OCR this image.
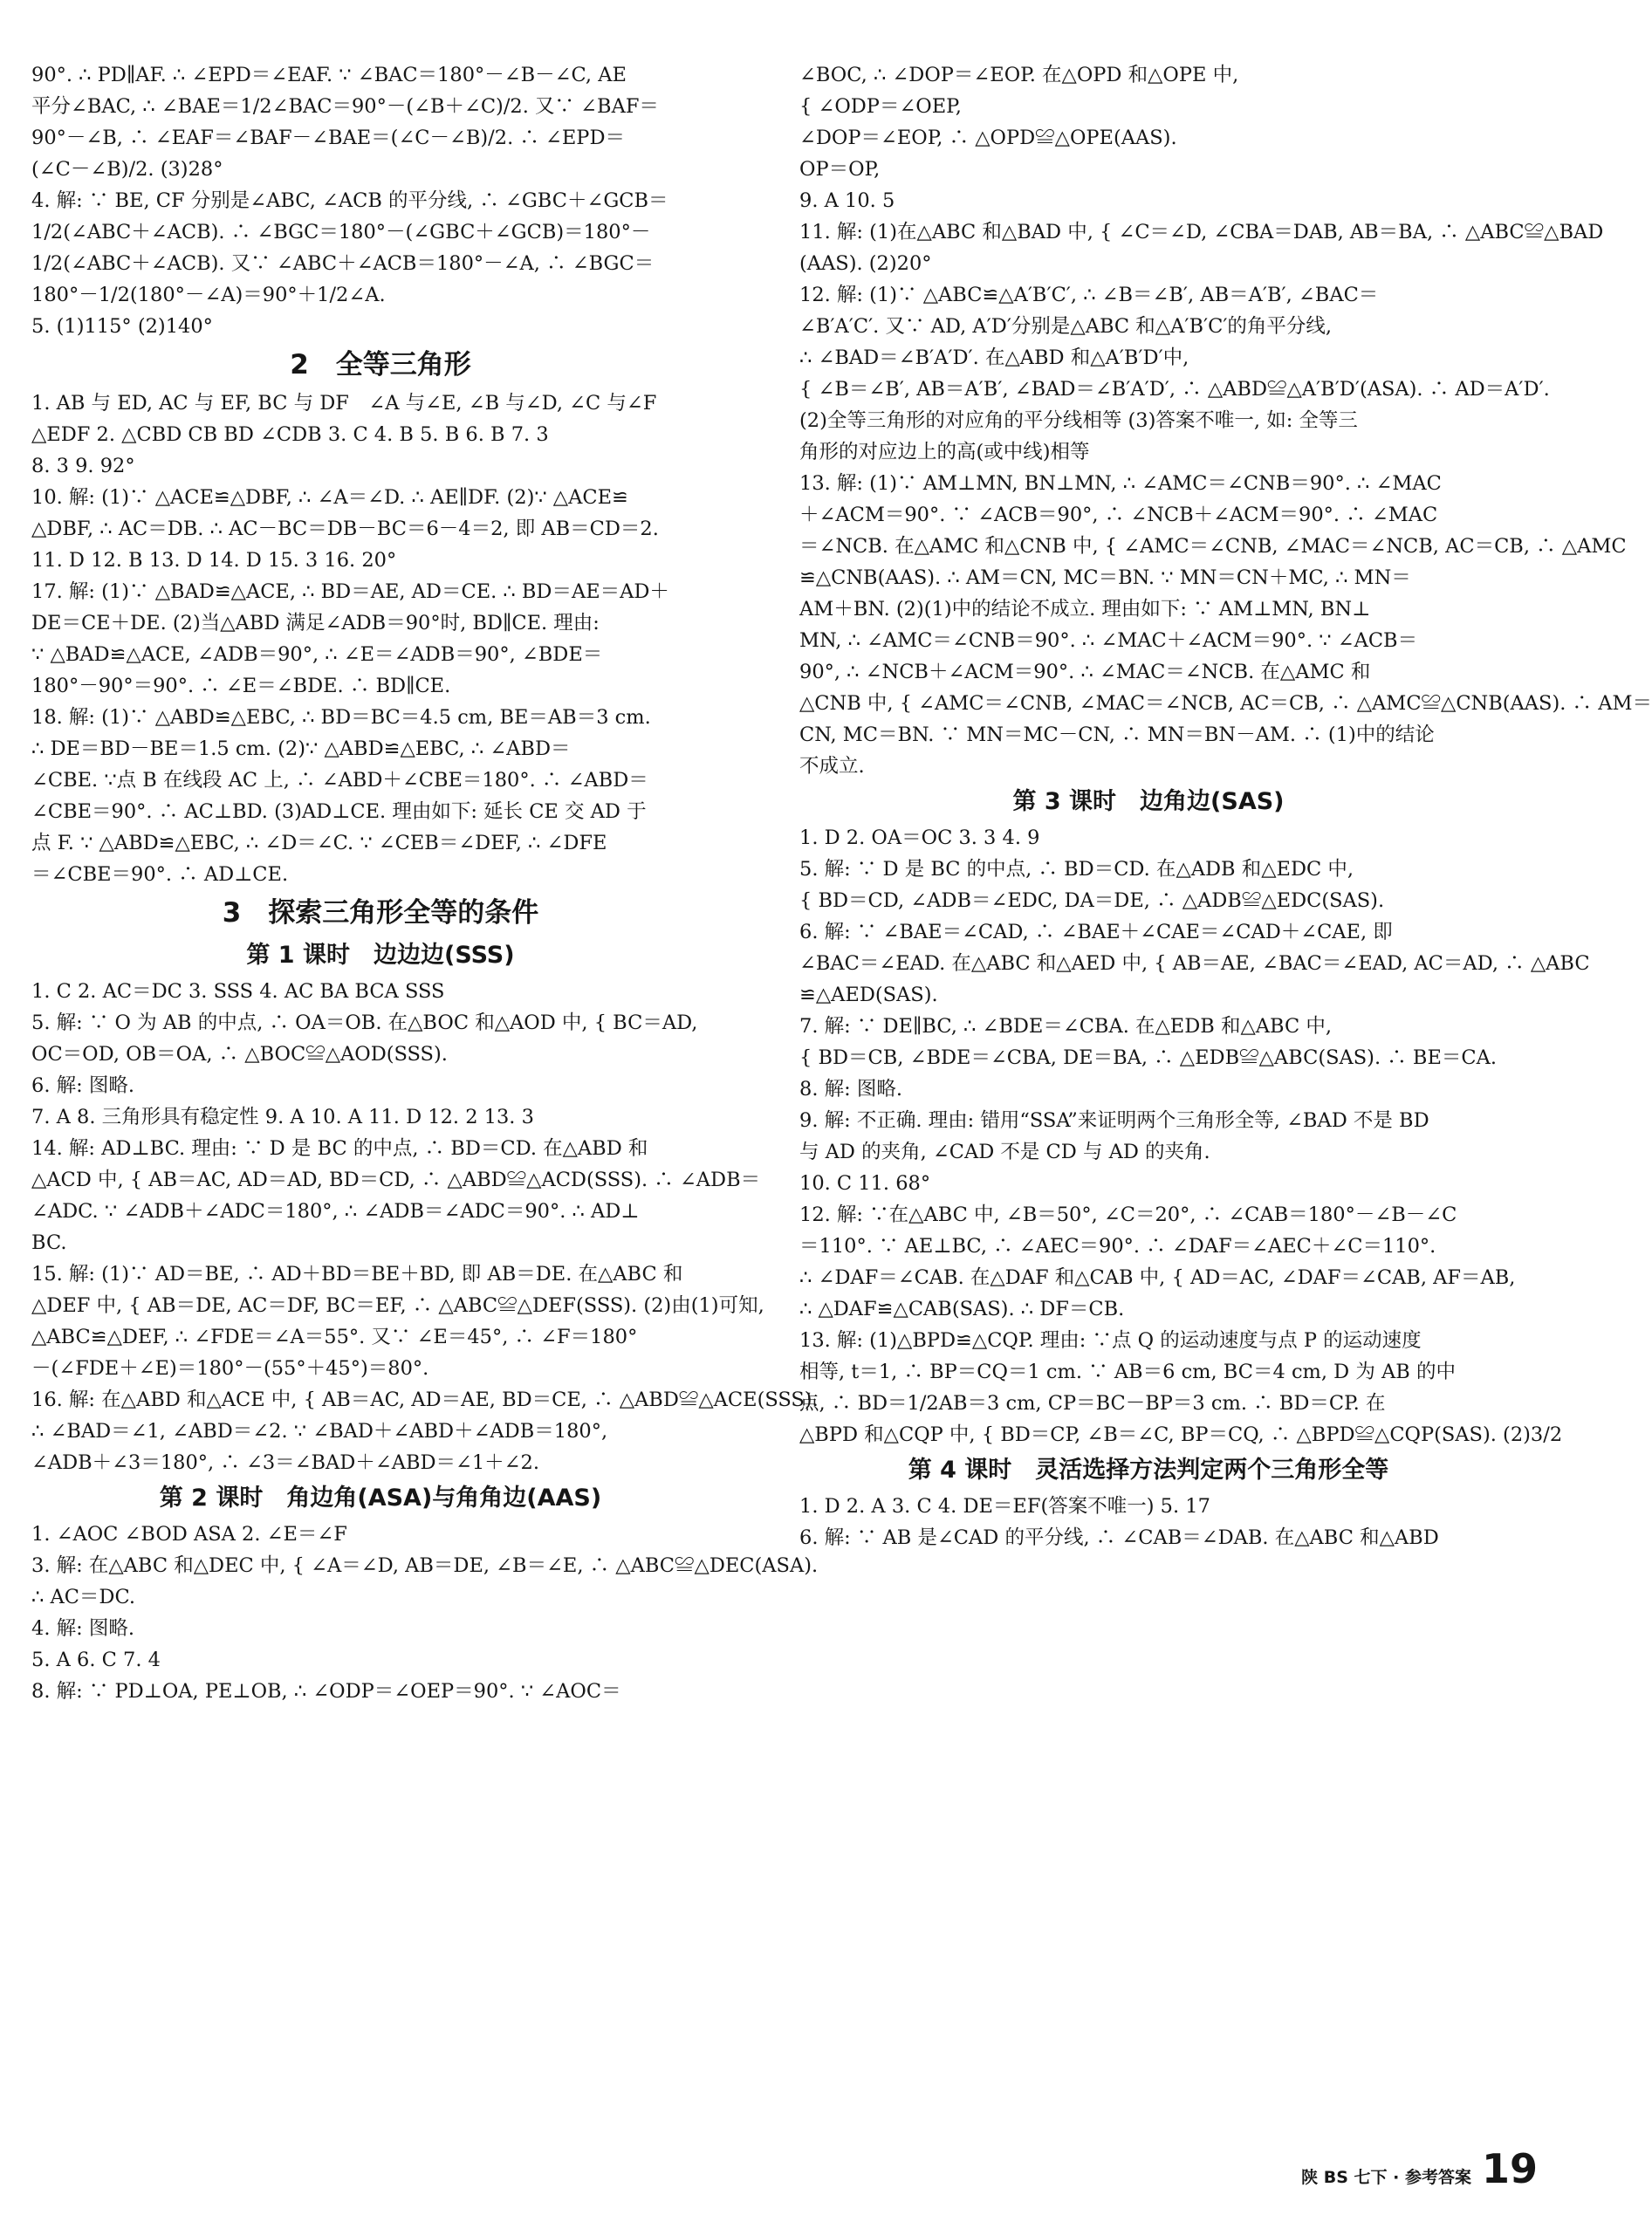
90°. ∴ PD∥AF. ∴ ∠EPD＝∠EAF. ∵ ∠BAC＝180°－∠B－∠C, AE
平分∠BAC, ∴ ∠BAE＝1/2∠BAC＝90°－(∠B＋∠C)/2. 又∵ ∠BAF＝
90°－∠B, ∴ ∠EAF＝∠BAF－∠BAE＝(∠C－∠B)/2. ∴ ∠EPD＝
(∠C－∠B)/2. (3)28°
4. 解: ∵ BE, CF 分别是∠ABC, ∠ACB 的平分线, ∴ ∠GBC＋∠GCB＝
1/2(∠ABC＋∠ACB). ∴ ∠BGC＝180°－(∠GBC＋∠GCB)＝180°－
1/2(∠ABC＋∠ACB). 又∵ ∠ABC＋∠ACB＝180°－∠A, ∴ ∠BGC＝
180°－1/2(180°－∠A)＝90°＋1/2∠A.
5. (1)115° (2)140°
2　全等三角形
1. AB 与 ED, AC 与 EF, BC 与 DF　∠A 与∠E, ∠B 与∠D, ∠C 与∠F
△EDF 2. △CBD CB BD ∠CDB 3. C 4. B 5. B 6. B 7. 3
8. 3 9. 92°
10. 解: (1)∵ △ACE≌△DBF, ∴ ∠A＝∠D. ∴ AE∥DF. (2)∵ △ACE≌
△DBF, ∴ AC＝DB. ∴ AC－BC＝DB－BC＝6－4＝2, 即 AB＝CD＝2.
11. D 12. B 13. D 14. D 15. 3 16. 20°
17. 解: (1)∵ △BAD≌△ACE, ∴ BD＝AE, AD＝CE. ∴ BD＝AE＝AD＋
DE＝CE＋DE. (2)当△ABD 满足∠ADB＝90°时, BD∥CE. 理由:
∵ △BAD≌△ACE, ∠ADB＝90°, ∴ ∠E＝∠ADB＝90°, ∠BDE＝
180°－90°＝90°. ∴ ∠E＝∠BDE. ∴ BD∥CE.
18. 解: (1)∵ △ABD≌△EBC, ∴ BD＝BC＝4.5 cm, BE＝AB＝3 cm.
∴ DE＝BD－BE＝1.5 cm. (2)∵ △ABD≌△EBC, ∴ ∠ABD＝
∠CBE. ∵点 B 在线段 AC 上, ∴ ∠ABD＋∠CBE＝180°. ∴ ∠ABD＝
∠CBE＝90°. ∴ AC⊥BD. (3)AD⊥CE. 理由如下: 延长 CE 交 AD 于
点 F. ∵ △ABD≌△EBC, ∴ ∠D＝∠C. ∵ ∠CEB＝∠DEF, ∴ ∠DFE
＝∠CBE＝90°. ∴ AD⊥CE.
3　探索三角形全等的条件
第 1 课时　边边边(SSS)
1. C 2. AC＝DC 3. SSS 4. AC BA BCA SSS
5. 解: ∵ O 为 AB 的中点, ∴ OA＝OB. 在△BOC 和△AOD 中, { BC＝AD,
OC＝OD, OB＝OA, ∴ △BOC≌△AOD(SSS).
6. 解: 图略.
7. A 8. 三角形具有稳定性 9. A 10. A 11. D 12. 2 13. 3
14. 解: AD⊥BC. 理由: ∵ D 是 BC 的中点, ∴ BD＝CD. 在△ABD 和
△ACD 中, { AB＝AC, AD＝AD, BD＝CD, ∴ △ABD≌△ACD(SSS). ∴ ∠ADB＝
∠ADC. ∵ ∠ADB＋∠ADC＝180°, ∴ ∠ADB＝∠ADC＝90°. ∴ AD⊥
BC.
15. 解: (1)∵ AD＝BE, ∴ AD＋BD＝BE＋BD, 即 AB＝DE. 在△ABC 和
△DEF 中, { AB＝DE, AC＝DF, BC＝EF, ∴ △ABC≌△DEF(SSS). (2)由(1)可知,
△ABC≌△DEF, ∴ ∠FDE＝∠A＝55°. 又∵ ∠E＝45°, ∴ ∠F＝180°
－(∠FDE＋∠E)＝180°－(55°＋45°)＝80°.
16. 解: 在△ABD 和△ACE 中, { AB＝AC, AD＝AE, BD＝CE, ∴ △ABD≌△ACE(SSS).
∴ ∠BAD＝∠1, ∠ABD＝∠2. ∵ ∠BAD＋∠ABD＋∠ADB＝180°,
∠ADB＋∠3＝180°, ∴ ∠3＝∠BAD＋∠ABD＝∠1＋∠2.
第 2 课时　角边角(ASA)与角角边(AAS)
1. ∠AOC ∠BOD ASA 2. ∠E＝∠F
3. 解: 在△ABC 和△DEC 中, { ∠A＝∠D, AB＝DE, ∠B＝∠E, ∴ △ABC≌△DEC(ASA).
∴ AC＝DC.
4. 解: 图略.
5. A 6. C 7. 4
8. 解: ∵ PD⊥OA, PE⊥OB, ∴ ∠ODP＝∠OEP＝90°. ∵ ∠AOC＝
∠BOC, ∴ ∠DOP＝∠EOP. 在△OPD 和△OPE 中,
{ ∠ODP＝∠OEP,
∠DOP＝∠EOP, ∴ △OPD≌△OPE(AAS).
OP＝OP,
9. A 10. 5
11. 解: (1)在△ABC 和△BAD 中, { ∠C＝∠D, ∠CBA＝DAB, AB＝BA, ∴ △ABC≌△BAD
(AAS). (2)20°
12. 解: (1)∵ △ABC≌△A′B′C′, ∴ ∠B＝∠B′, AB＝A′B′, ∠BAC＝
∠B′A′C′. 又∵ AD, A′D′分别是△ABC 和△A′B′C′的角平分线,
∴ ∠BAD＝∠B′A′D′. 在△ABD 和△A′B′D′中,
{ ∠B＝∠B′, AB＝A′B′, ∠BAD＝∠B′A′D′, ∴ △ABD≌△A′B′D′(ASA). ∴ AD＝A′D′.
(2)全等三角形的对应角的平分线相等 (3)答案不唯一, 如: 全等三
角形的对应边上的高(或中线)相等
13. 解: (1)∵ AM⊥MN, BN⊥MN, ∴ ∠AMC＝∠CNB＝90°. ∴ ∠MAC
＋∠ACM＝90°. ∵ ∠ACB＝90°, ∴ ∠NCB＋∠ACM＝90°. ∴ ∠MAC
＝∠NCB. 在△AMC 和△CNB 中, { ∠AMC＝∠CNB, ∠MAC＝∠NCB, AC＝CB, ∴ △AMC
≌△CNB(AAS). ∴ AM＝CN, MC＝BN. ∵ MN＝CN＋MC, ∴ MN＝
AM＋BN. (2)(1)中的结论不成立. 理由如下: ∵ AM⊥MN, BN⊥
MN, ∴ ∠AMC＝∠CNB＝90°. ∴ ∠MAC＋∠ACM＝90°. ∵ ∠ACB＝
90°, ∴ ∠NCB＋∠ACM＝90°. ∴ ∠MAC＝∠NCB. 在△AMC 和
△CNB 中, { ∠AMC＝∠CNB, ∠MAC＝∠NCB, AC＝CB, ∴ △AMC≌△CNB(AAS). ∴ AM＝
CN, MC＝BN. ∵ MN＝MC－CN, ∴ MN＝BN－AM. ∴ (1)中的结论
不成立.
第 3 课时　边角边(SAS)
1. D 2. OA＝OC 3. 3 4. 9
5. 解: ∵ D 是 BC 的中点, ∴ BD＝CD. 在△ADB 和△EDC 中,
{ BD＝CD, ∠ADB＝∠EDC, DA＝DE, ∴ △ADB≌△EDC(SAS).
6. 解: ∵ ∠BAE＝∠CAD, ∴ ∠BAE＋∠CAE＝∠CAD＋∠CAE, 即
∠BAC＝∠EAD. 在△ABC 和△AED 中, { AB＝AE, ∠BAC＝∠EAD, AC＝AD, ∴ △ABC
≌△AED(SAS).
7. 解: ∵ DE∥BC, ∴ ∠BDE＝∠CBA. 在△EDB 和△ABC 中,
{ BD＝CB, ∠BDE＝∠CBA, DE＝BA, ∴ △EDB≌△ABC(SAS). ∴ BE＝CA.
8. 解: 图略.
9. 解: 不正确. 理由: 错用“SSA”来证明两个三角形全等, ∠BAD 不是 BD
与 AD 的夹角, ∠CAD 不是 CD 与 AD 的夹角.
10. C 11. 68°
12. 解: ∵在△ABC 中, ∠B＝50°, ∠C＝20°, ∴ ∠CAB＝180°－∠B－∠C
＝110°. ∵ AE⊥BC, ∴ ∠AEC＝90°. ∴ ∠DAF＝∠AEC＋∠C＝110°.
∴ ∠DAF＝∠CAB. 在△DAF 和△CAB 中, { AD＝AC, ∠DAF＝∠CAB, AF＝AB,
∴ △DAF≌△CAB(SAS). ∴ DF＝CB.
13. 解: (1)△BPD≌△CQP. 理由: ∵点 Q 的运动速度与点 P 的运动速度
相等, t＝1, ∴ BP＝CQ＝1 cm. ∵ AB＝6 cm, BC＝4 cm, D 为 AB 的中
点, ∴ BD＝1/2AB＝3 cm, CP＝BC－BP＝3 cm. ∴ BD＝CP. 在
△BPD 和△CQP 中, { BD＝CP, ∠B＝∠C, BP＝CQ, ∴ △BPD≌△CQP(SAS). (2)3/2
第 4 课时　灵活选择方法判定两个三角形全等
1. D 2. A 3. C 4. DE＝EF(答案不唯一) 5. 17
6. 解: ∵ AB 是∠CAD 的平分线, ∴ ∠CAB＝∠DAB. 在△ABC 和△ABD
陕 BS 七下 · 参考答案 19
